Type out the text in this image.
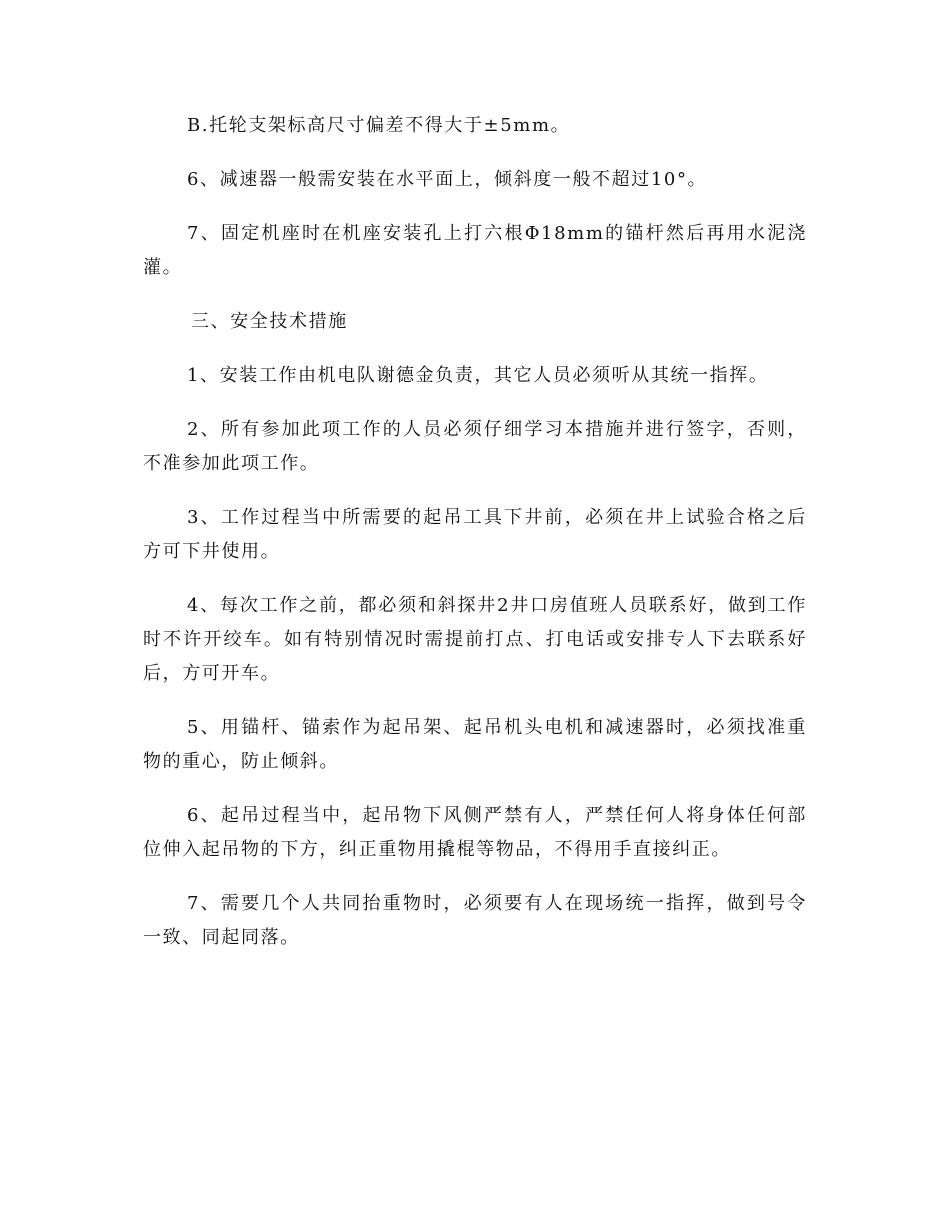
B.托轮支架标高尺寸偏差不得大于±5mm。

6、减速器一般需安装在水平面上，倾斜度一般不超过10°。

7、固定机座时在机座安装孔上打六根Φ18mm的锚杆然后再用水泥浇灌。

三、安全技术措施

1、安装工作由机电队谢德金负责，其它人员必须听从其统一指挥。

2、所有参加此项工作的人员必须仔细学习本措施并进行签字，否则，不准参加此项工作。

3、工作过程当中所需要的起吊工具下井前，必须在井上试验合格之后方可下井使用。

4、每次工作之前，都必须和斜探井2井口房值班人员联系好，做到工作时不许开绞车。如有特别情况时需提前打点、打电话或安排专人下去联系好后，方可开车。

5、用锚杆、锚索作为起吊架、起吊机头电机和减速器时，必须找准重物的重心，防止倾斜。

6、起吊过程当中，起吊物下风侧严禁有人，严禁任何人将身体任何部位伸入起吊物的下方，纠正重物用撬棍等物品，不得用手直接纠正。

7、需要几个人共同抬重物时，必须要有人在现场统一指挥，做到号令一致、同起同落。
